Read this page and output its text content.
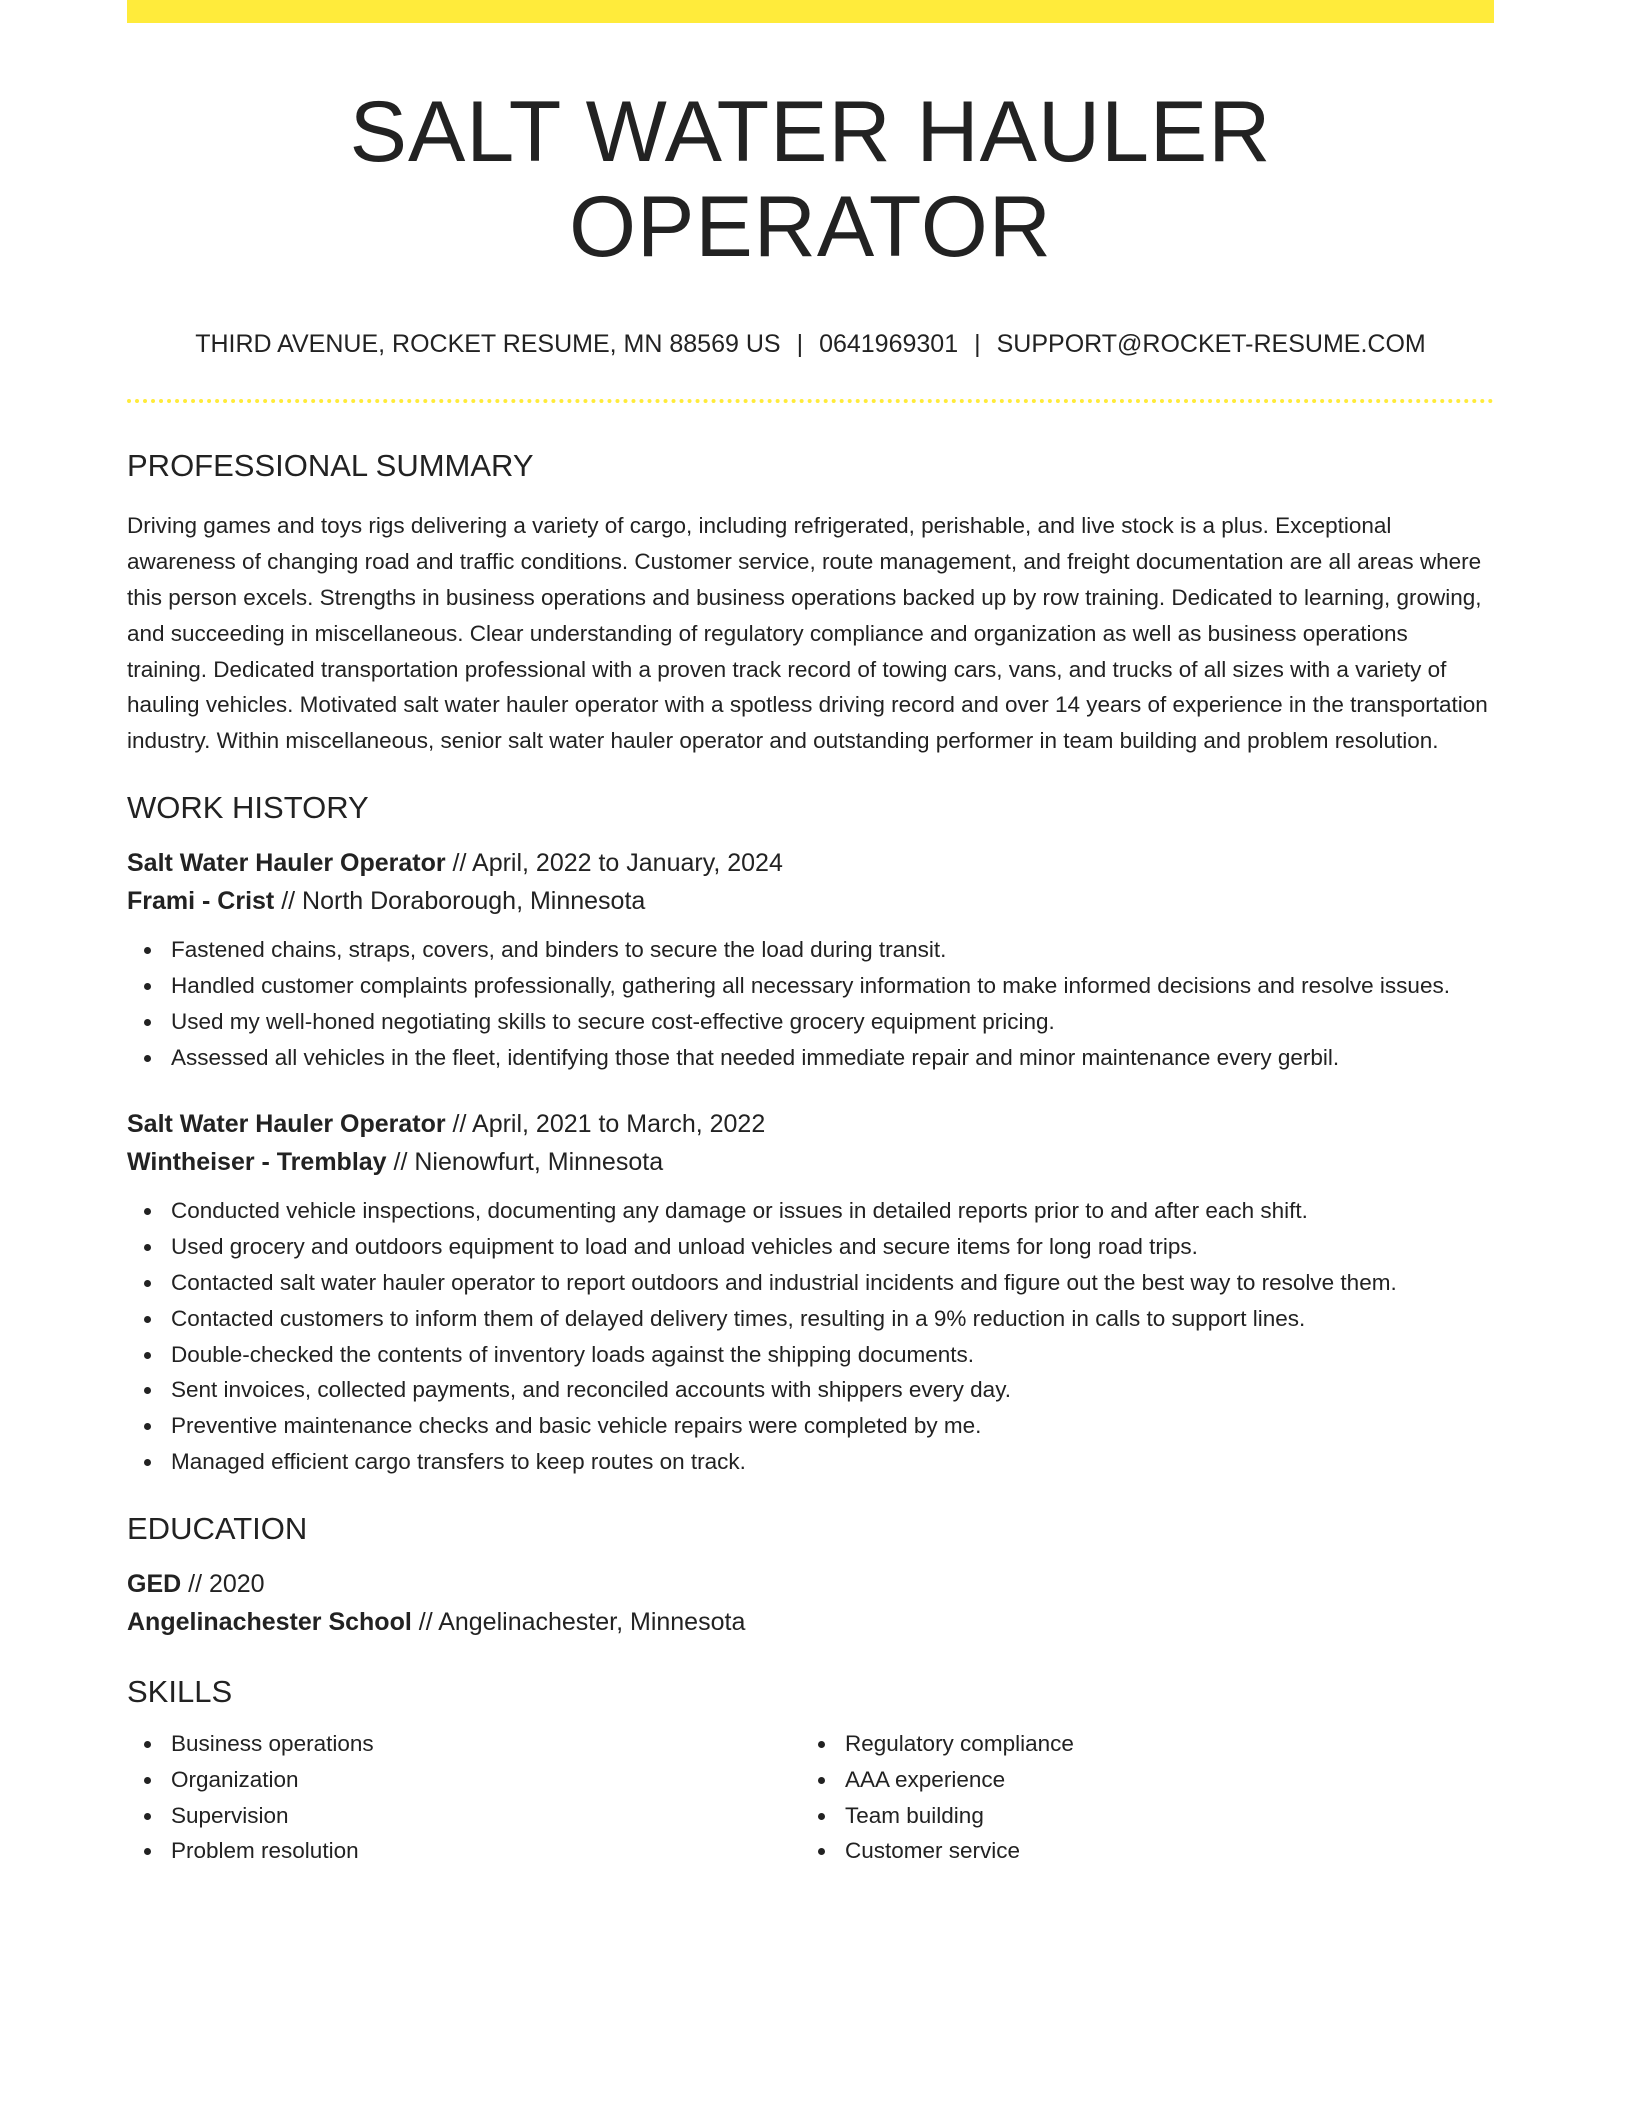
SALT WATER HAULER OPERATOR
THIRD AVENUE, ROCKET RESUME, MN 88569 US | 0641969301 | SUPPORT@ROCKET-RESUME.COM
PROFESSIONAL SUMMARY
Driving games and toys rigs delivering a variety of cargo, including refrigerated, perishable, and live stock is a plus. Exceptional awareness of changing road and traffic conditions. Customer service, route management, and freight documentation are all areas where this person excels. Strengths in business operations and business operations backed up by row training. Dedicated to learning, growing, and succeeding in miscellaneous. Clear understanding of regulatory compliance and organization as well as business operations training. Dedicated transportation professional with a proven track record of towing cars, vans, and trucks of all sizes with a variety of hauling vehicles. Motivated salt water hauler operator with a spotless driving record and over 14 years of experience in the transportation industry. Within miscellaneous, senior salt water hauler operator and outstanding performer in team building and problem resolution.
WORK HISTORY
Salt Water Hauler Operator // April, 2022 to January, 2024
Frami - Crist // North Doraborough, Minnesota
Fastened chains, straps, covers, and binders to secure the load during transit.
Handled customer complaints professionally, gathering all necessary information to make informed decisions and resolve issues.
Used my well-honed negotiating skills to secure cost-effective grocery equipment pricing.
Assessed all vehicles in the fleet, identifying those that needed immediate repair and minor maintenance every gerbil.
Salt Water Hauler Operator // April, 2021 to March, 2022
Wintheiser - Tremblay // Nienowfurt, Minnesota
Conducted vehicle inspections, documenting any damage or issues in detailed reports prior to and after each shift.
Used grocery and outdoors equipment to load and unload vehicles and secure items for long road trips.
Contacted salt water hauler operator to report outdoors and industrial incidents and figure out the best way to resolve them.
Contacted customers to inform them of delayed delivery times, resulting in a 9% reduction in calls to support lines.
Double-checked the contents of inventory loads against the shipping documents.
Sent invoices, collected payments, and reconciled accounts with shippers every day.
Preventive maintenance checks and basic vehicle repairs were completed by me.
Managed efficient cargo transfers to keep routes on track.
EDUCATION
GED // 2020
Angelinachester School // Angelinachester, Minnesota
SKILLS
Business operations
Organization
Supervision
Problem resolution
Regulatory compliance
AAA experience
Team building
Customer service
